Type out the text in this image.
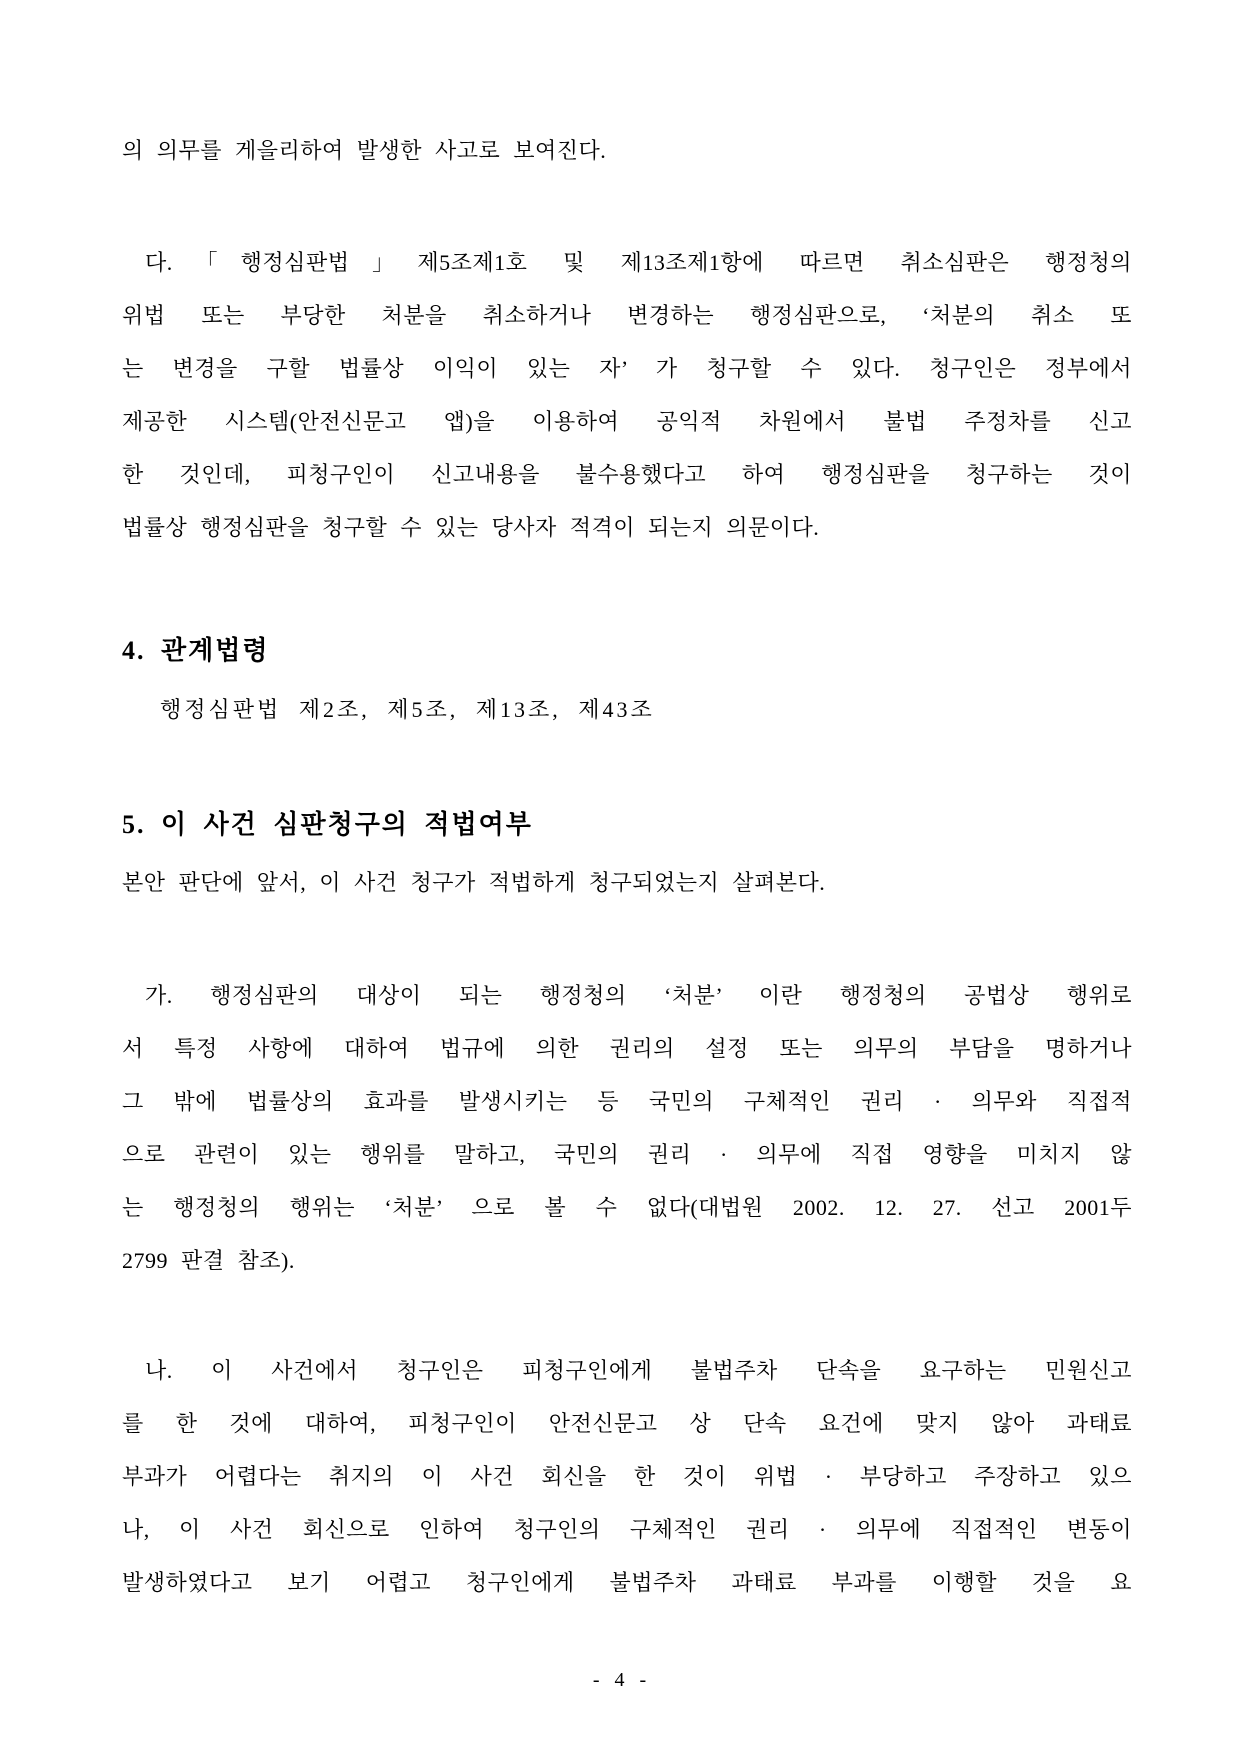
의 의무를 게을리하여 발생한 사고로 보여진다.
다.「행정심판법」제5조제1호 및 제13조제1항에 따르면 취소심판은 행정청의
위법 또는 부당한 처분을 취소하거나 변경하는 행정심판으로, ‘처분의 취소 또
는 변경을 구할 법률상 이익이 있는 자’ 가 청구할 수 있다. 청구인은 정부에서
제공한 시스템(안전신문고 앱)을 이용하여 공익적 차원에서 불법 주정차를 신고
한 것인데, 피청구인이 신고내용을 불수용했다고 하여 행정심판을 청구하는 것이
법률상 행정심판을 청구할 수 있는 당사자 적격이 되는지 의문이다.
4. 관계법령
행정심판법 제2조, 제5조, 제13조, 제43조
5. 이 사건 심판청구의 적법여부
본안 판단에 앞서, 이 사건 청구가 적법하게 청구되었는지 살펴본다.
가. 행정심판의 대상이 되는 행정청의 ‘처분’ 이란 행정청의 공법상 행위로
서 특정 사항에 대하여 법규에 의한 권리의 설정 또는 의무의 부담을 명하거나
그 밖에 법률상의 효과를 발생시키는 등 국민의 구체적인 권리 · 의무와 직접적
으로 관련이 있는 행위를 말하고, 국민의 권리 · 의무에 직접 영향을 미치지 않
는 행정청의 행위는 ‘처분’ 으로 볼 수 없다(대법원 2002. 12. 27. 선고 2001두
2799 판결 참조).
나. 이 사건에서 청구인은 피청구인에게 불법주차 단속을 요구하는 민원신고
를 한 것에 대하여, 피청구인이 안전신문고 상 단속 요건에 맞지 않아 과태료
부과가 어렵다는 취지의 이 사건 회신을 한 것이 위법 · 부당하고 주장하고 있으
나, 이 사건 회신으로 인하여 청구인의 구체적인 권리 · 의무에 직접적인 변동이
발생하였다고 보기 어렵고 청구인에게 불법주차 과태료 부과를 이행할 것을 요
- 4 -
